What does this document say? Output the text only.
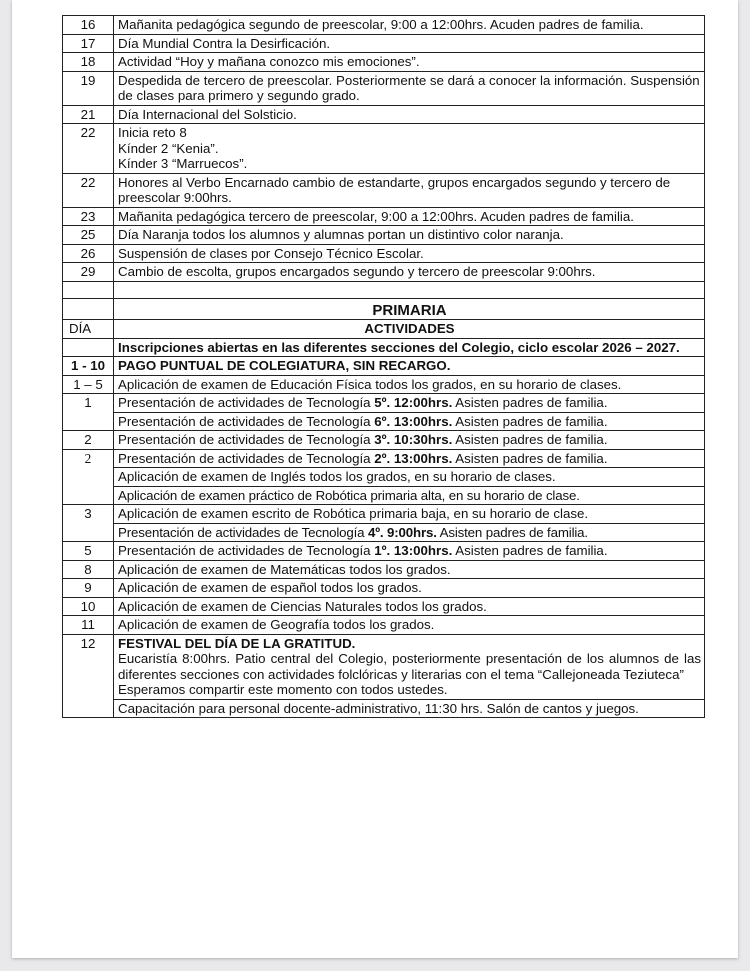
16	Mañanita pedagógica segundo de preescolar, 9:00 a 12:00hrs. Acuden padres de familia.
17	Día Mundial Contra la Desirficación.
18	Actividad “Hoy y mañana conozco mis emociones”.
19	Despedida de tercero de preescolar. Posteriormente se dará a conocer la información. Suspensión de clases para primero y segundo grado.
21	Día Internacional del Solsticio.
22	Inicia reto 8
Kínder 2 “Kenia”.
Kínder 3 “Marruecos”.

22	Honores al Verbo Encarnado cambio de estandarte, grupos encargados segundo y tercero de preescolar 9:00hrs.
23	Mañanita pedagógica tercero de preescolar, 9:00 a 12:00hrs. Acuden padres de familia.
25	Día Naranja todos los alumnos y alumnas portan un distintivo color naranja.
26	Suspensión de clases por Consejo Técnico Escolar.
29	Cambio de escolta, grupos encargados segundo y tercero de preescolar 9:00hrs.

	PRIMARIA
DÍA	ACTIVIDADES
	Inscripciones abiertas en las diferentes secciones del Colegio, ciclo escolar 2026 – 2027.
1 - 10	PAGO PUNTUAL DE COLEGIATURA, SIN RECARGO.
1 – 5	Aplicación de examen de Educación Física todos los grados, en su horario de clases.
1	Presentación de actividades de Tecnología 5º. 12:00hrs. Asisten padres de familia.
	Presentación de actividades de Tecnología 6º. 13:00hrs. Asisten padres de familia.
2	Presentación de actividades de Tecnología 3º. 10:30hrs. Asisten padres de familia.
2	Presentación de actividades de Tecnología 2º. 13:00hrs. Asisten padres de familia.
	Aplicación de examen de Inglés todos los grados, en su horario de clases.
	Aplicación de examen práctico de Robótica primaria alta, en su horario de clase.
3	Aplicación de examen escrito de Robótica primaria baja, en su horario de clase.
	Presentación de actividades de Tecnología 4º. 9:00hrs. Asisten padres de familia.
5	Presentación de actividades de Tecnología 1º. 13:00hrs. Asisten padres de familia.
8	Aplicación de examen de Matemáticas todos los grados.
9	Aplicación de examen de español todos los grados.
10	Aplicación de examen de Ciencias Naturales todos los grados.
11	Aplicación de examen de Geografía todos los grados.
12	FESTIVAL DEL DÍA DE LA GRATITUD.
Eucaristía 8:00hrs. Patio central del Colegio, posteriormente presentación de los alumnos de las diferentes secciones con actividades folclóricas y literarias con el tema “Callejoneada Teziuteca”
Esperamos compartir este momento con todos ustedes.

	Capacitación para personal docente-administrativo, 11:30 hrs. Salón de cantos y juegos.
